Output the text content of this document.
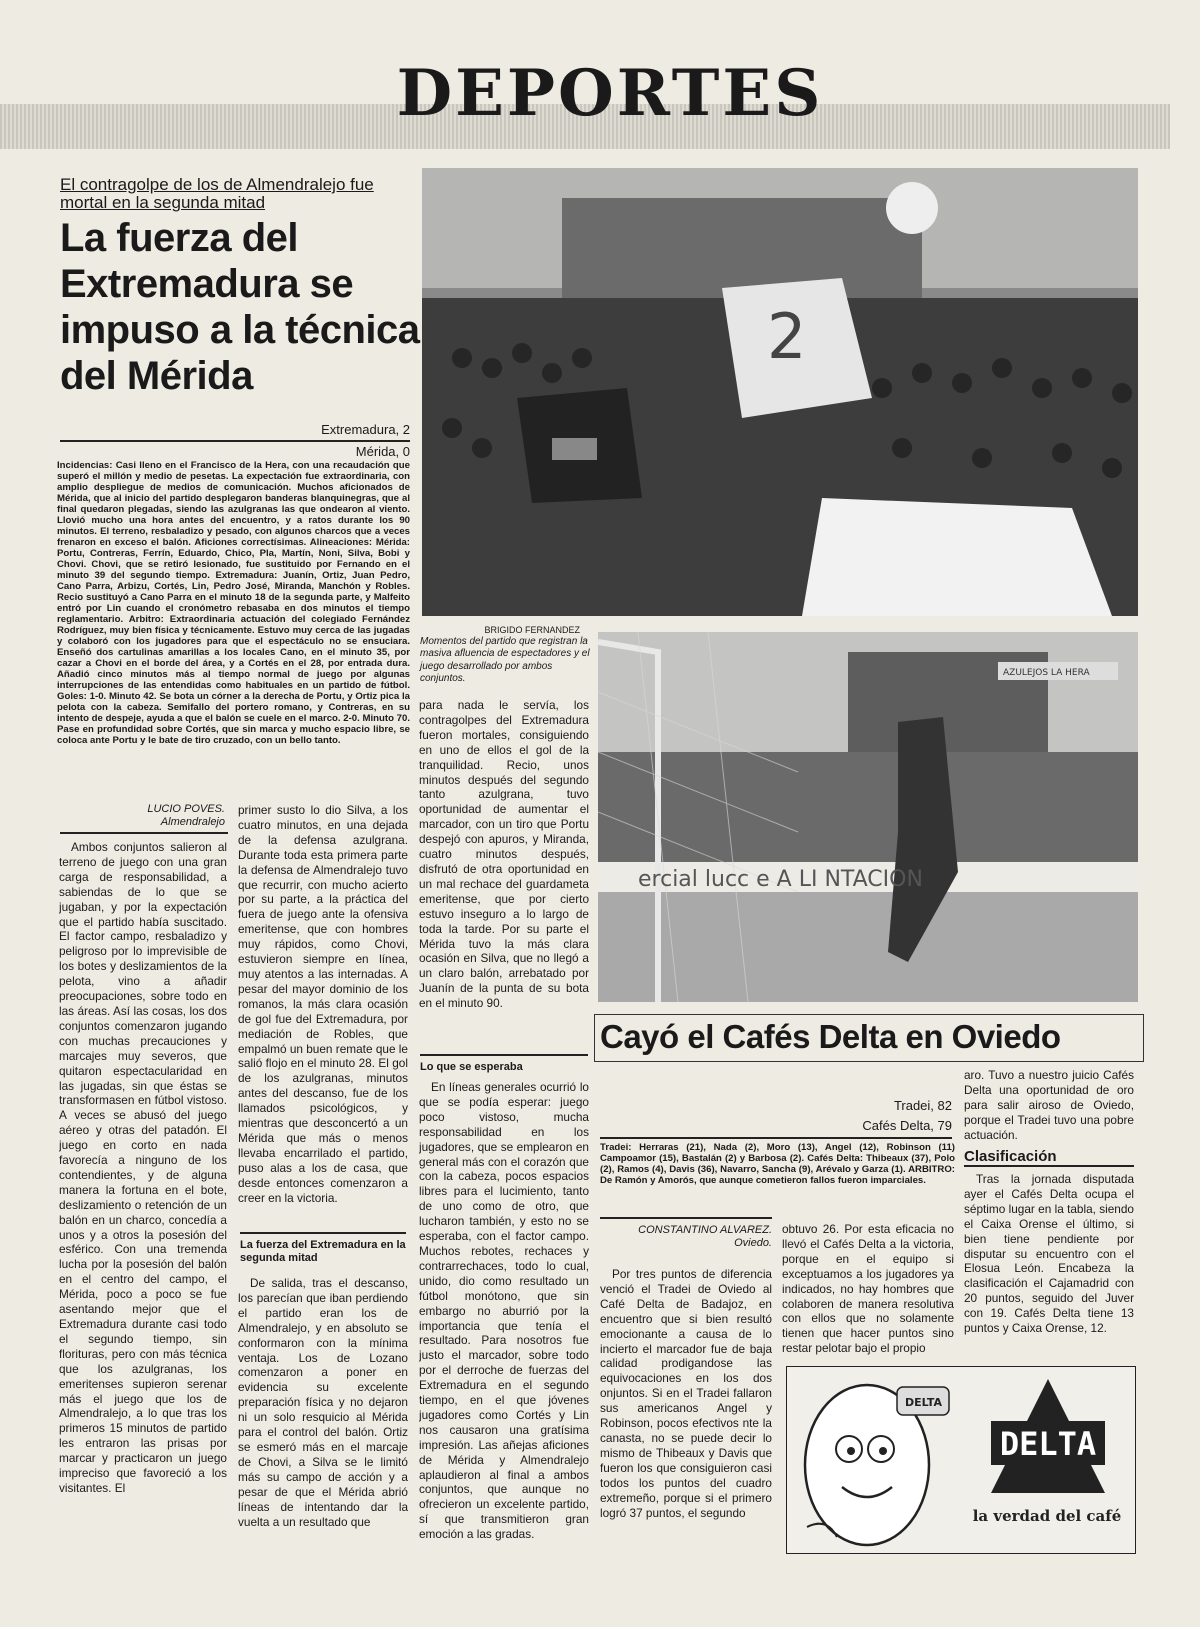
DEPORTES
El contragolpe de los de Almendralejo fue mortal en la segunda mitad
La fuerza del Extremadura se impuso a la técnica del Mérida
Extremadura, 2
Mérida, 0
Incidencias: Casi lleno en el Francisco de la Hera, con una recaudación que superó el millón y medio de pesetas. La expectación fue extraordinaria, con amplio despliegue de medios de comunicación. Muchos aficionados de Mérida, que al inicio del partido desplegaron banderas blanquinegras, que al final quedaron plegadas, siendo las azulgranas las que ondearon al viento. Llovió mucho una hora antes del encuentro, y a ratos durante los 90 minutos. El terreno, resbaladizo y pesado, con algunos charcos que a veces frenaron en exceso el balón. Aficiones correctísimas. Alineaciones: Mérida: Portu, Contreras, Ferrín, Eduardo, Chico, Pla, Martín, Noni, Silva, Bobi y Chovi. Chovi, que se retiró lesionado, fue sustituido por Fernando en el minuto 39 del segundo tiempo. Extremadura: Juanín, Ortiz, Juan Pedro, Cano Parra, Arbizu, Cortés, Lin, Pedro José, Miranda, Manchón y Robles. Recio sustituyó a Cano Parra en el minuto 18 de la segunda parte, y Malfeito entró por Lin cuando el cronómetro rebasaba en dos minutos el tiempo reglamentario. Arbitro: Extraordinaria actuación del colegiado Fernández Rodríguez, muy bien física y técnicamente. Estuvo muy cerca de las jugadas y colaboró con los jugadores para que el espectáculo no se ensuciara. Enseñó dos cartulinas amarillas a los locales Cano, en el minuto 35, por cazar a Chovi en el borde del área, y a Cortés en el 28, por entrada dura. Añadió cinco minutos más al tiempo normal de juego por algunas interrupciones de las entendidas como habituales en un partido de fútbol. Goles: 1-0. Minuto 42. Se bota un córner a la derecha de Portu, y Ortiz pica la pelota con la cabeza. Semifallo del portero romano, y Contreras, en su intento de despeje, ayuda a que el balón se cuele en el marco. 2-0. Minuto 70. Pase en profundidad sobre Cortés, que sin marca y mucho espacio libre, se coloca ante Portu y le bate de tiro cruzado, con un bello tanto.
2
BRIGIDO FERNANDEZ
Momentos del partido que registran la masiva afluencia de espectadores y el juego desarrollado por ambos conjuntos.
AZULEJOS LA HERA
ercial lucc e A LI NTACION
LUCIO POVES.
Almendralejo

Ambos conjuntos salieron al terreno de juego con una gran carga de responsabilidad, a sabiendas de lo que se jugaban, y por la expectación que el partido había suscitado. El factor campo, resbaladizo y peligroso por lo imprevisible de los botes y deslizamientos de la pelota, vino a añadir preocupaciones, sobre todo en las áreas. Así las cosas, los dos conjuntos comenzaron jugando con muchas precauciones y marcajes muy severos, que quitaron espectacularidad en las jugadas, sin que éstas se transformasen en fútbol vistoso. A veces se abusó del juego aéreo y otras del patadón. El juego en corto en nada favorecía a ninguno de los contendientes, y de alguna manera la fortuna en el bote, deslizamiento o retención de un balón en un charco, concedía a unos y a otros la posesión del esférico. Con una tremenda lucha por la posesión del balón en el centro del campo, el Mérida, poco a poco se fue asentando mejor que el Extremadura durante casi todo el segundo tiempo, sin florituras, pero con más técnica que los azulgranas, los emeritenses supieron serenar más el juego que los de Almendralejo, a lo que tras los primeros 15 minutos de partido les entraron las prisas por marcar y practicaron un juego impreciso que favoreció a los visitantes. El

primer susto lo dio Silva, a los cuatro minutos, en una dejada de la defensa azulgrana. Durante toda esta primera parte la defensa de Almendralejo tuvo que recurrir, con mucho acierto por su parte, a la práctica del fuera de juego ante la ofensiva emeritense, que con hombres muy rápidos, como Chovi, estuvieron siempre en línea, muy atentos a las internadas. A pesar del mayor dominio de los romanos, la más clara ocasión de gol fue del Extremadura, por mediación de Robles, que empalmó un buen remate que le salió flojo en el minuto 28. El gol de los azulgranas, minutos antes del descanso, fue de los llamados psicológicos, y mientras que desconcertó a un Mérida que más o menos llevaba encarrilado el partido, puso alas a los de casa, que desde entonces comenzaron a creer en la victoria.

La fuerza del Extremadura en la segunda mitad

De salida, tras el descanso, los parecían que iban perdiendo el partido eran los de Almendralejo, y en absoluto se conformaron con la mínima ventaja. Los de Lozano comenzaron a poner en evidencia su excelente preparación física y no dejaron ni un solo resquicio al Mérida para el control del balón. Ortiz se esmeró más en el marcaje de Chovi, a Silva se le limitó más su campo de acción y a pesar de que el Mérida abrió líneas de intentando dar la vuelta a un resultado que

para nada le servía, los contragolpes del Extremadura fueron mortales, consiguiendo en uno de ellos el gol de la tranquilidad. Recio, unos minutos después del segundo tanto azulgrana, tuvo oportunidad de aumentar el marcador, con un tiro que Portu despejó con apuros, y Miranda, cuatro minutos después, disfrutó de otra oportunidad en un mal rechace del guardameta emeritense, que por cierto estuvo inseguro a lo largo de toda la tarde. Por su parte el Mérida tuvo la más clara ocasión en Silva, que no llegó a un claro balón, arrebatado por Juanín de la punta de su bota en el minuto 90.

Lo que se esperaba

En líneas generales ocurrió lo que se podía esperar: juego poco vistoso, mucha responsabilidad en los jugadores, que se emplearon en general más con el corazón que con la cabeza, pocos espacios libres para el lucimiento, tanto de uno como de otro, que lucharon también, y esto no se esperaba, con el factor campo. Muchos rebotes, rechaces y contrarrechaces, todo lo cual, unido, dio como resultado un fútbol monótono, que sin embargo no aburrió por la importancia que tenía el resultado. Para nosotros fue justo el marcador, sobre todo por el derroche de fuerzas del Extremadura en el segundo tiempo, en el que jóvenes jugadores como Cortés y Lin nos causaron una gratísima impresión. Las añejas aficiones de Mérida y Almendralejo aplaudieron al final a ambos conjuntos, que aunque no ofrecieron un excelente partido, sí que transmitieron gran emoción a las gradas.

Cayó el Cafés Delta en Oviedo
Tradei, 82
Cafés Delta, 79
Tradei: Herraras (21), Nada (2), Moro (13), Angel (12), Robinson (11) Campoamor (15), Bastalán (2) y Barbosa (2). Cafés Delta: Thibeaux (37), Polo (2), Ramos (4), Davis (36), Navarro, Sancha (9), Arévalo y Garza (1). ARBITRO: De Ramón y Amorós, que aunque cometieron fallos fueron imparciales.
CONSTANTINO ALVAREZ.
Oviedo.

Por tres puntos de diferencia venció el Tradei de Oviedo al Café Delta de Badajoz, en encuentro que si bien resultó emocionante a causa de lo incierto el marcador fue de baja calidad prodigandose las equivocaciones en los dos onjuntos. Si en el Tradei fallaron sus americanos Angel y Robinson, pocos efectivos nte la canasta, no se puede decir lo mismo de Thibeaux y Davis que fueron los que consiguieron casi todos los puntos del cuadro extremeño, porque si el primero logró 37 puntos, el segundo

obtuvo 26. Por esta eficacia no llevó el Cafés Delta a la victoria, porque en el equipo si exceptuamos a los jugadores ya indicados, no hay hombres que colaboren de manera resolutiva con ellos que no solamente tienen que hacer puntos sino restar pelotar bajo el propio

aro. Tuvo a nuestro juicio Cafés Delta una oportunidad de oro para salir airoso de Oviedo, porque el Tradei tuvo una pobre actuación.

Clasificación

Tras la jornada disputada ayer el Cafés Delta ocupa el séptimo lugar en la tabla, siendo el Caixa Orense el último, si bien tiene pendiente por disputar su encuentro con el Elosua León. Encabeza la clasificación el Cajamadrid con 20 puntos, seguido del Juver con 19. Cafés Delta tiene 13 puntos y Caixa Orense, 12.

DELTA
DELTA
la verdad del café
